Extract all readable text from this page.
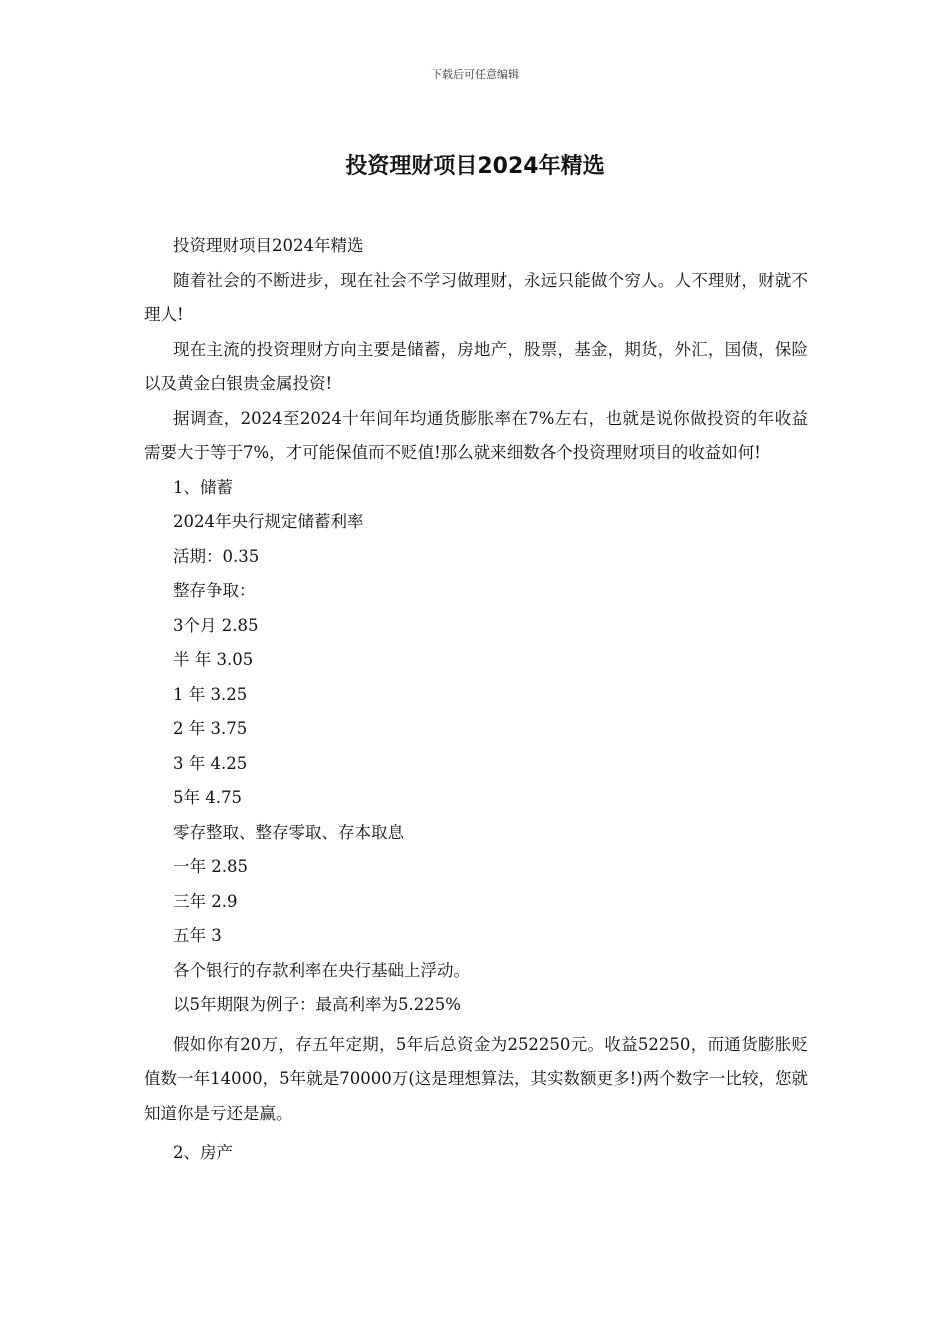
下载后可任意编辑
投资理财项目2024年精选

投资理财项目2024年精选

随着社会的不断进步，现在社会不学习做理财，永远只能做个穷人。人不理财，财就不理人!

现在主流的投资理财方向主要是储蓄，房地产，股票，基金，期货，外汇，国债，保险以及黄金白银贵金属投资!

据调查，2024至2024十年间年均通货膨胀率在7%左右，也就是说你做投资的年收益需要大于等于7%，才可能保值而不贬值!那么就来细数各个投资理财项目的收益如何!

1、储蓄

2024年央行规定储蓄利率

活期：0.35

整存争取：

3个月 2.85

半 年 3.05

1 年 3.25

2 年 3.75

3 年 4.25

5年 4.75

零存整取、整存零取、存本取息

一年 2.85

三年 2.9

五年 3

各个银行的存款利率在央行基础上浮动。

以5年期限为例子：最高利率为5.225%

假如你有20万，存五年定期，5年后总资金为252250元。收益52250，而通货膨胀贬值数一年14000，5年就是70000万(这是理想算法，其实数额更多!)两个数字一比较，您就知道你是亏还是赢。

2、房产
